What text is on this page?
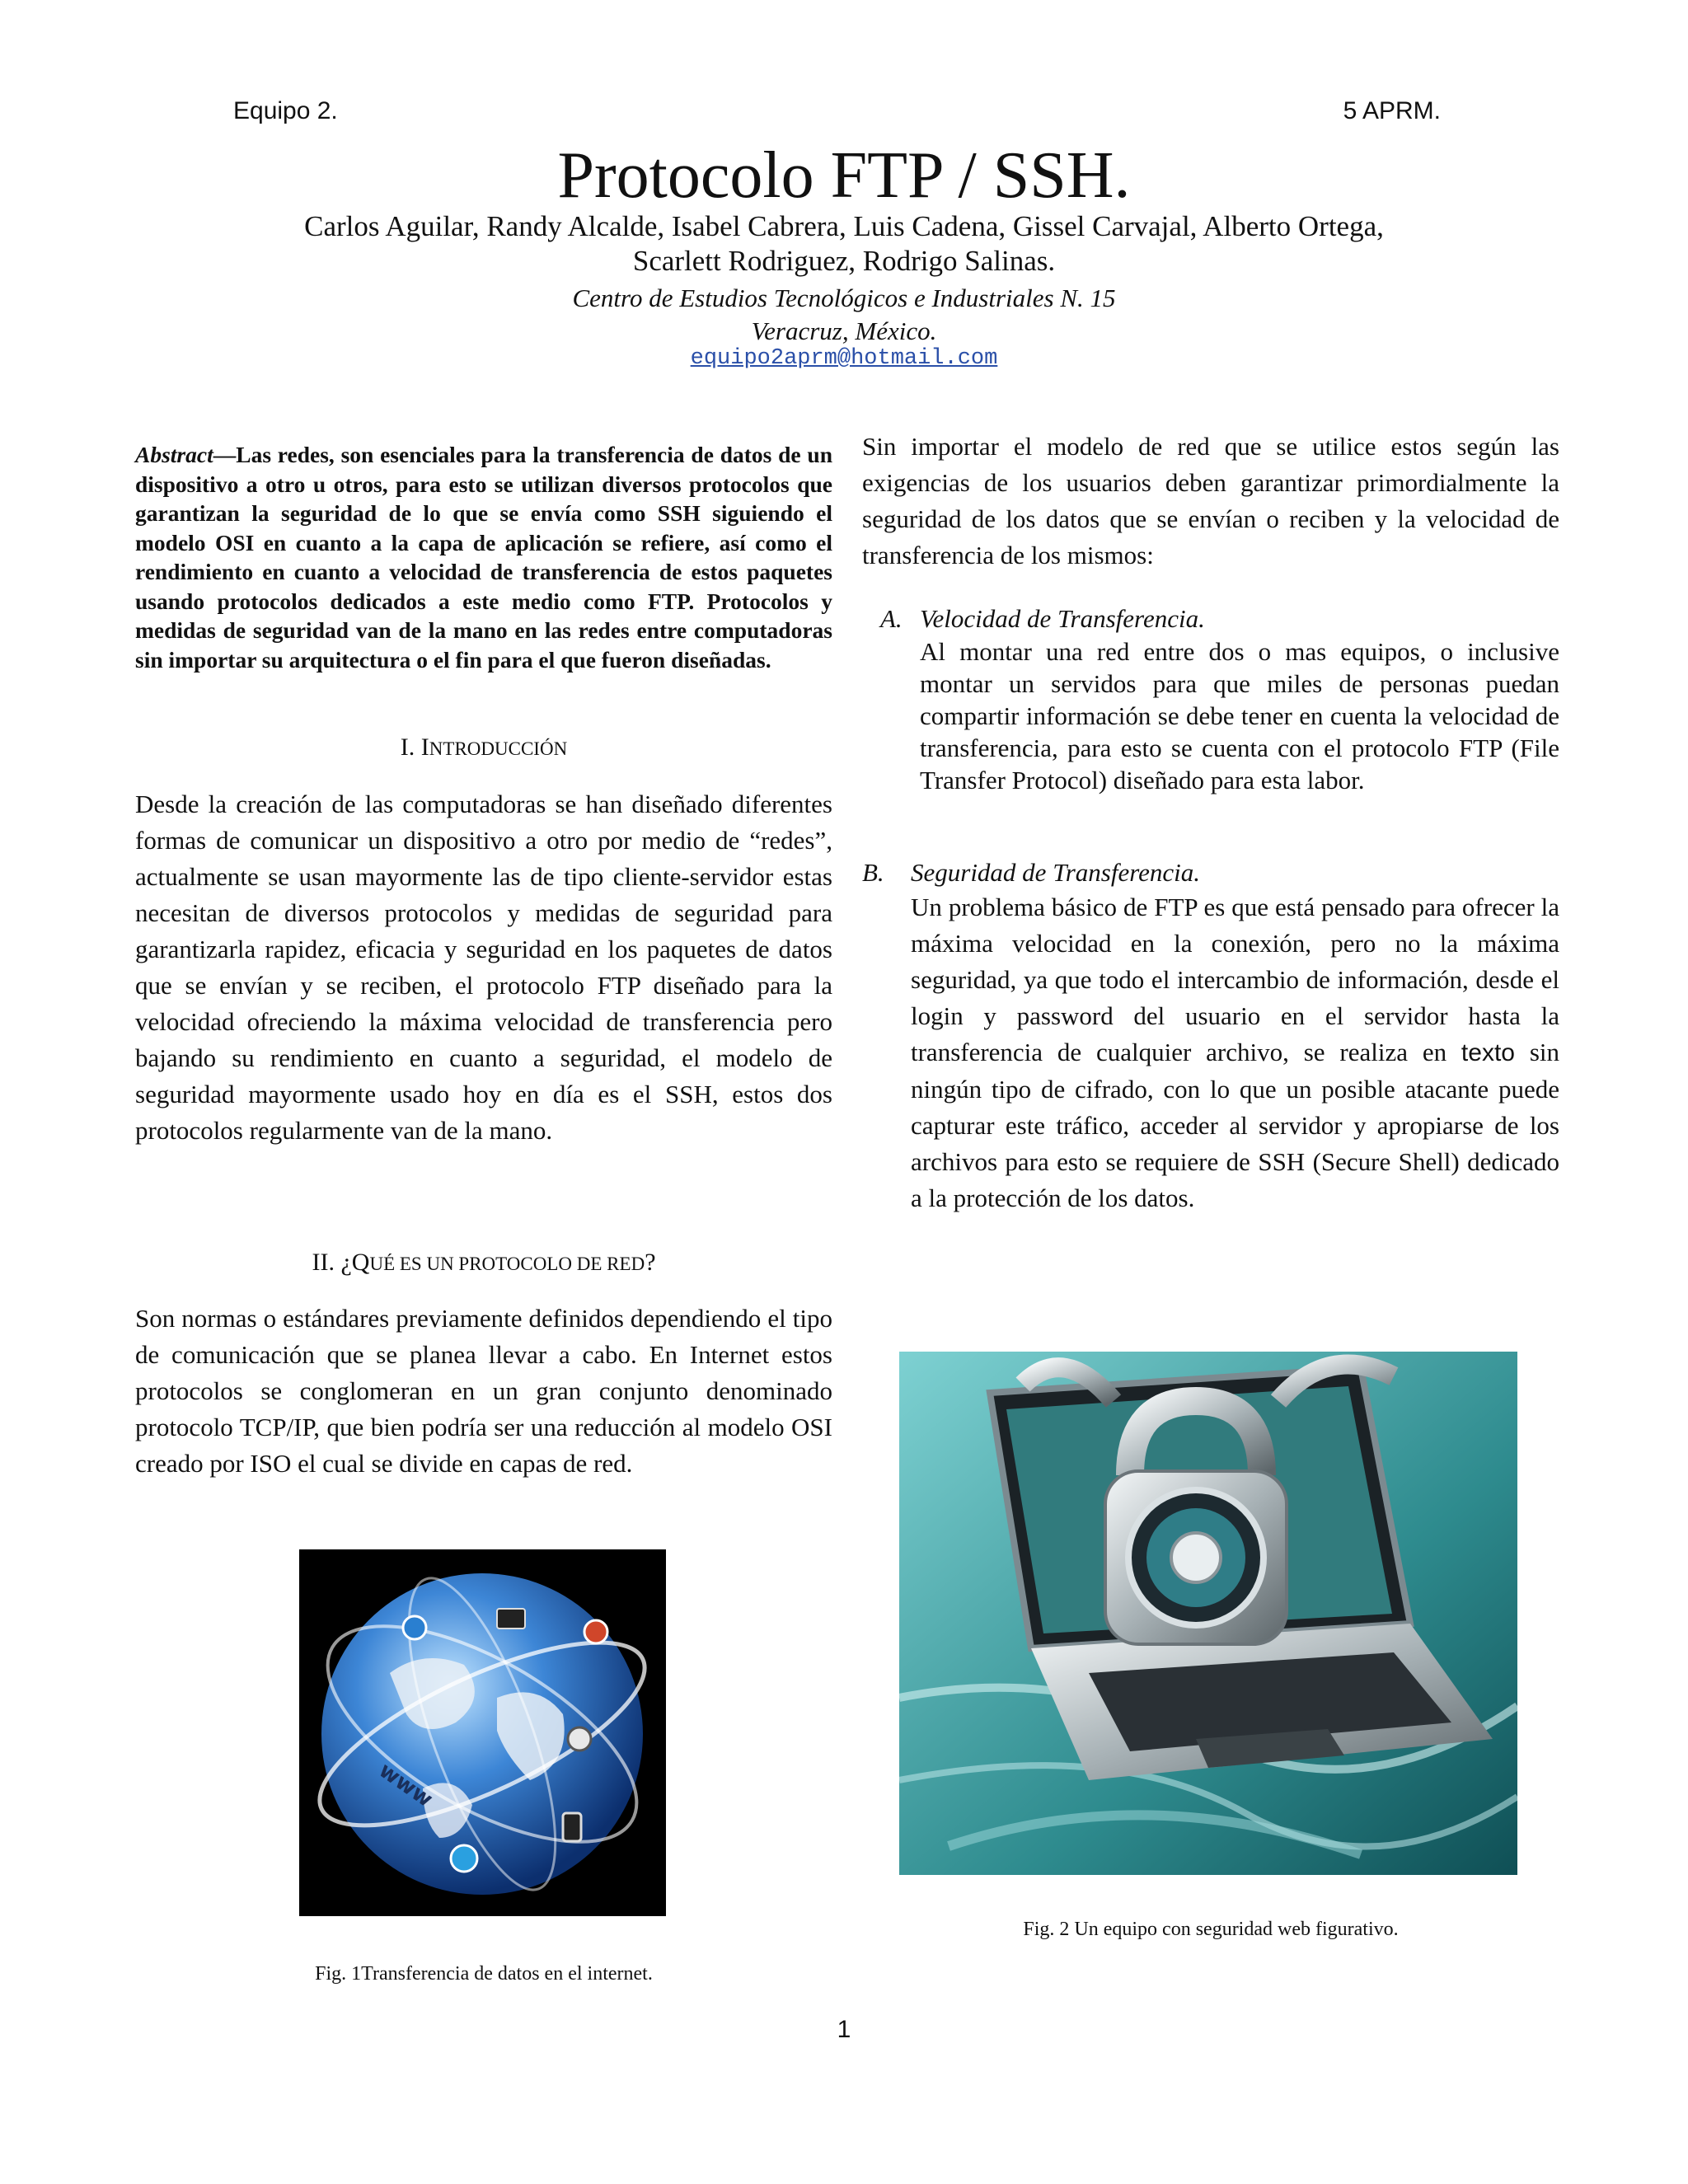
Equipo 2.	5 APRM.
Protocolo FTP / SSH.
Carlos Aguilar, Randy Alcalde, Isabel Cabrera, Luis Cadena, Gissel Carvajal, Alberto Ortega,
Scarlett Rodriguez, Rodrigo Salinas.
Centro de Estudios Tecnológicos e Industriales N. 15
Veracruz, México.
equipo2aprm@hotmail.com
Abstract—Las redes, son esenciales para la transferencia de datos de un dispositivo a otro u otros, para esto se utilizan diversos protocolos que garantizan la seguridad de lo que se envía como SSH siguiendo el modelo OSI en cuanto a la capa de aplicación se refiere, así como el rendimiento en cuanto a velocidad de transferencia de estos paquetes usando protocolos dedicados a este medio como FTP. Protocolos y medidas de seguridad van de la mano en las redes entre computadoras sin importar su arquitectura o el fin para el que fueron diseñadas.
I. INTRODUCCIÓN
Desde la creación de las computadoras se han diseñado diferentes formas de comunicar un dispositivo a otro por medio de “redes”, actualmente se usan mayormente las de tipo cliente-servidor estas necesitan de diversos protocolos y medidas de seguridad para garantizarla rapidez, eficacia y seguridad en los paquetes de datos que se envían y se reciben, el protocolo FTP diseñado para la velocidad ofreciendo la máxima velocidad de transferencia pero bajando su rendimiento en cuanto a seguridad, el modelo de seguridad mayormente usado hoy en día es el SSH, estos dos protocolos regularmente van de la mano.
II. ¿QUÉ ES UN PROTOCOLO DE RED?
Son normas o estándares previamente definidos dependiendo el tipo de comunicación que se planea llevar a cabo. En Internet estos protocolos se conglomeran en un gran conjunto denominado protocolo TCP/IP, que bien podría ser una reducción al modelo OSI creado por ISO el cual se divide en capas de red.
www
Fig. 1Transferencia de datos en el internet.
Sin importar el modelo de red que se utilice estos según las exigencias de los usuarios deben garantizar primordialmente la seguridad de los datos que se envían o reciben y la velocidad de transferencia de los mismos:
A. Velocidad de Transferencia.
Al montar una red entre dos o mas equipos, o inclusive montar un servidos para que miles de personas puedan compartir información se debe tener en cuenta la velocidad de transferencia, para esto se cuenta con el protocolo FTP (File Transfer Protocol) diseñado para esta labor.
B. Seguridad de Transferencia.
Un problema básico de FTP es que está pensado para ofrecer la máxima velocidad en la conexión, pero no la máxima seguridad, ya que todo el intercambio de información, desde el login y password del usuario en el servidor hasta la transferencia de cualquier archivo, se realiza en texto sin ningún tipo de cifrado, con lo que un posible atacante puede capturar este tráfico, acceder al servidor y apropiarse de los archivos para esto se requiere de SSH (Secure Shell) dedicado a la protección de los datos.
Fig. 2 Un equipo con seguridad web figurativo.
1
